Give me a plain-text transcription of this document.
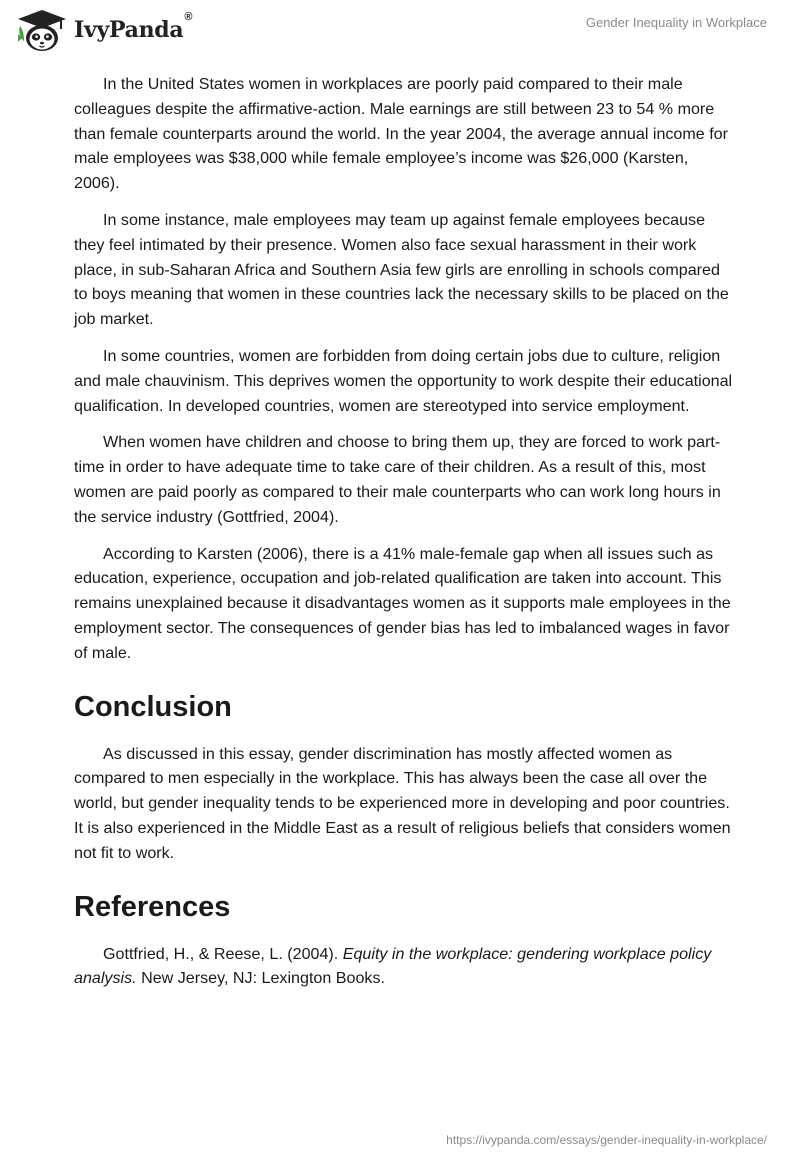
IvyPanda®	Gender Inequality in Workplace

In the United States women in workplaces are poorly paid compared to their male colleagues despite the affirmative-action. Male earnings are still between 23 to 54 % more than female counterparts around the world. In the year 2004, the average annual income for male employees was $38,000 while female employee’s income was $26,000 (Karsten, 2006).

In some instance, male employees may team up against female employees because they feel intimated by their presence. Women also face sexual harassment in their work place, in sub-Saharan Africa and Southern Asia few girls are enrolling in schools compared to boys meaning that women in these countries lack the necessary skills to be placed on the job market.

In some countries, women are forbidden from doing certain jobs due to culture, religion and male chauvinism. This deprives women the opportunity to work despite their educational qualification. In developed countries, women are stereotyped into service employment.

When women have children and choose to bring them up, they are forced to work part-time in order to have adequate time to take care of their children. As a result of this, most women are paid poorly as compared to their male counterparts who can work long hours in the service industry (Gottfried, 2004).

According to Karsten (2006), there is a 41% male-female gap when all issues such as education, experience, occupation and job-related qualification are taken into account. This remains unexplained because it disadvantages women as it supports male employees in the employment sector. The consequences of gender bias has led to imbalanced wages in favor of male.

Conclusion

As discussed in this essay, gender discrimination has mostly affected women as compared to men especially in the workplace. This has always been the case all over the world, but gender inequality tends to be experienced more in developing and poor countries. It is also experienced in the Middle East as a result of religious beliefs that considers women not fit to work.

References

Gottfried, H., & Reese, L. (2004). Equity in the workplace: gendering workplace policy analysis. New Jersey, NJ: Lexington Books.

https://ivypanda.com/essays/gender-inequality-in-workplace/
